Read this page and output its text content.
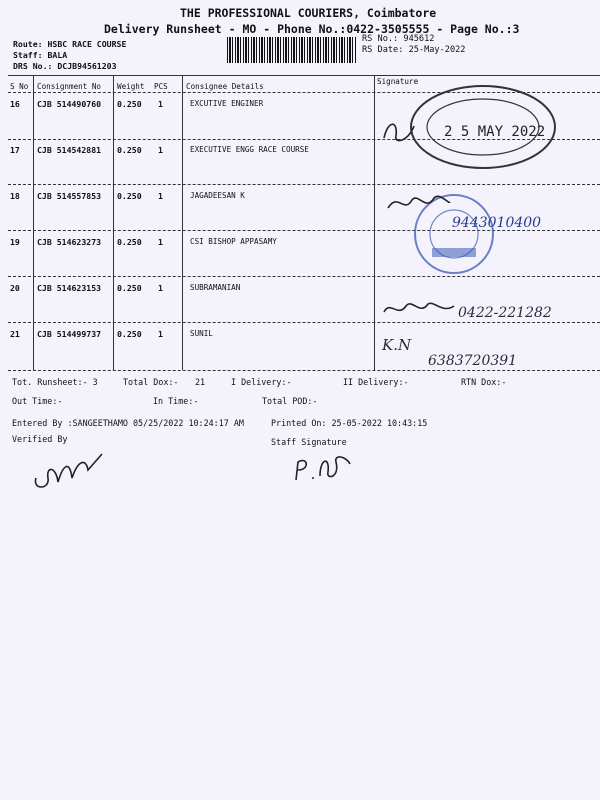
THE PROFESSIONAL COURIERS, Coimbatore
Delivery Runsheet - MO - Phone No.:0422-3505555 - Page No.:3
Route: HSBC RACE COURSE
Staff: BALA
DRS No.: DCJB94561203
RS No.: 945612
RS Date: 25-May-2022
S No Consignment No Weight PCS Consignee Details
Signature
16 CJB 514490760 0.250 1	EXCUTIVE ENGINER
17 CJB 514542881 0.250 1	EXECUTIVE ENGG RACE COURSE
18 CJB 514557853 0.250 1	JAGADEESAN K
19 CJB 514623273 0.250 1	CSI BISHOP APPASAMY
20 CJB 514623153 0.250 1	SUBRAMANIAN
21 CJB 514499737 0.250 1	SUNIL
2 5 MAY 2022
9443010400
0422-221282
K.N
6383720391
Tot. Runsheet:- 3	Total Dox:- 21	I Delivery:-	II Delivery:-	RTN Dox:-
Out Time:-	In Time:-	Total POD:-
Entered By :SANGEETHAMO 05/25/2022 10:24:17 AM	Printed On: 25-05-2022 10:43:15
Verified By	Staff Signature
